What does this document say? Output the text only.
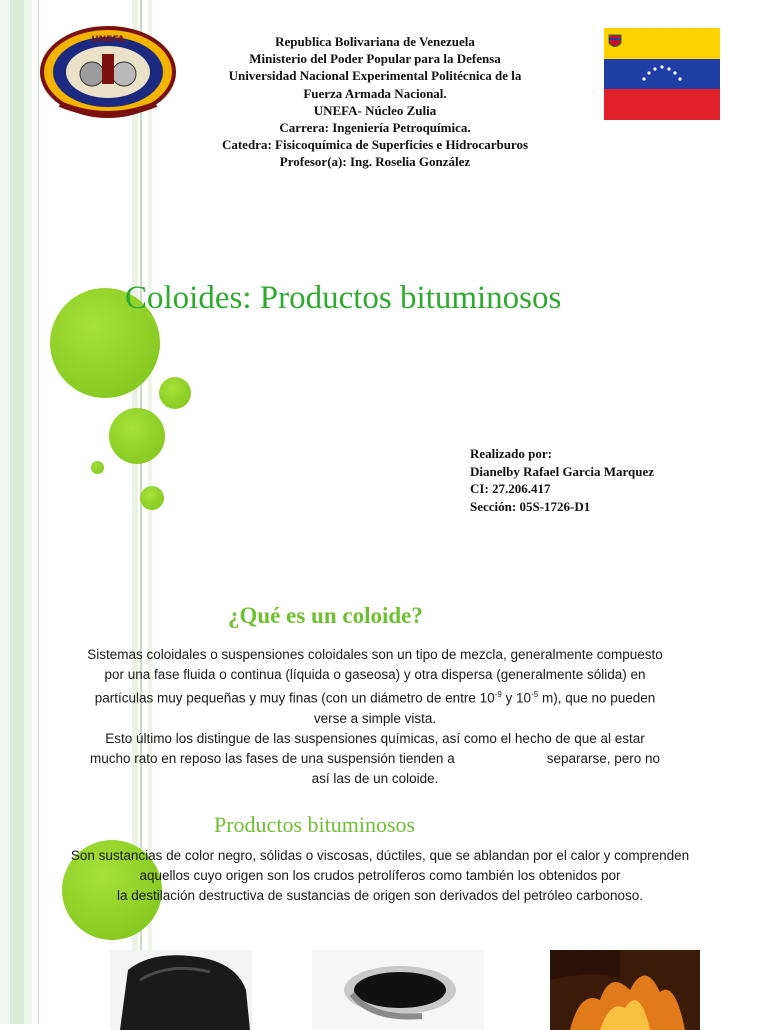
UNEFA	Republica Bolivariana de Venezuela
Ministerio del Poder Popular para la Defensa
Universidad Nacional Experimental Politécnica de la
Fuerza Armada Nacional.
UNEFA- Núcleo Zulia
Carrera: Ingeniería Petroquímica.
Catedra: Fisicoquímica de Superficies e Hidrocarburos
Profesor(a): Ing. Roselia González
Coloides: Productos bituminosos
Realizado por:
Dianelby Rafael Garcia Marquez
CI: 27.206.417
Sección: 05S-1726-D1
¿Qué es un coloide?
Sistemas coloidales o suspensiones coloidales son un tipo de mezcla, generalmente compuesto
por una fase fluida o continua (líquida o gaseosa) y otra dispersa (generalmente sólida) en
partículas muy pequeñas y muy finas (con un diámetro de entre $10^{-9}$ y $10^{-5}$ m), que no pueden
verse a simple vista.
Esto último los distingue de las suspensiones químicas, así como el hecho de que al estar
mucho rato en reposo las fases de una suspensión tienden a	separarse, pero no
así las de un coloide.
Productos bituminosos
Son sustancias de color negro, sólidas o viscosas, dúctiles, que se ablandan por el calor y comprenden
aquellos cuyo origen son los crudos petrolíferos como también los obtenidos por
la destilación destructiva de sustancias de origen son derivados del petróleo carbonoso.
